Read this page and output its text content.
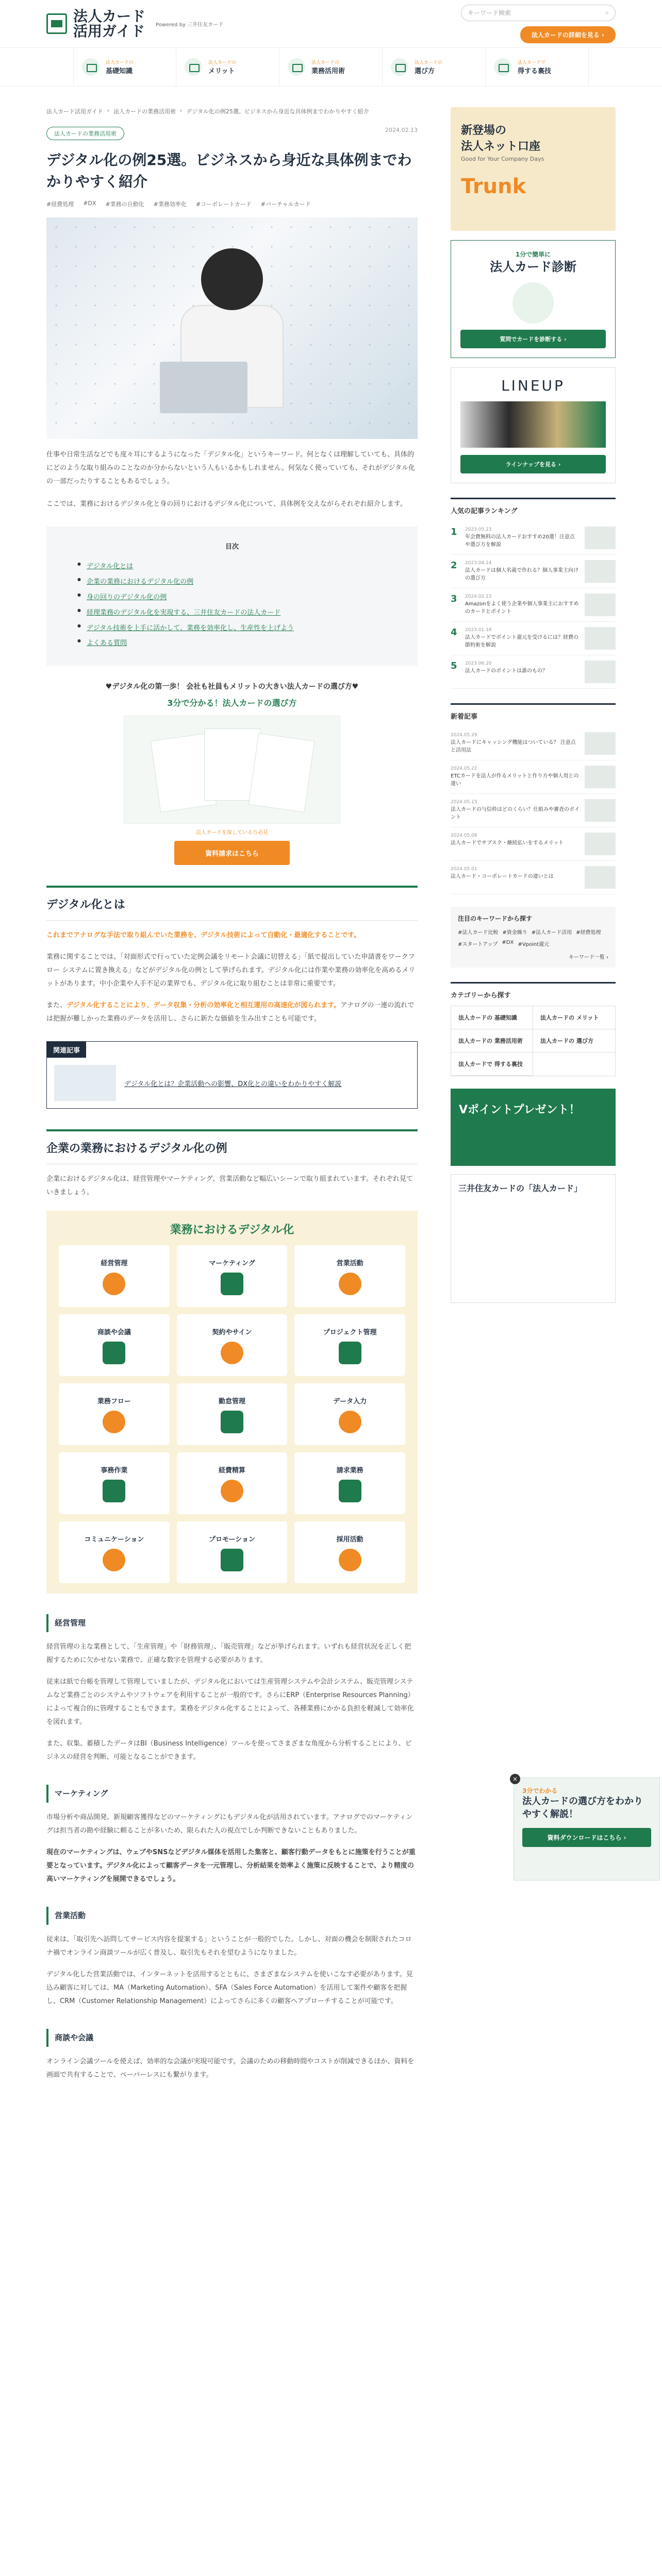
法人カード
活用ガイド Powered by 三井住友カード
キーワード検索	⌕
法人カードの詳細を見る ›
法人カードの
基礎知識
法人カードの
メリット
法人カードの
業務活用術
法人カードの
選び方
法人カードで
得する裏技
法人カード活用ガイド › 法人カードの業務活用術 › デジタル化の例25選。ビジネスから身近な具体例までわかりやすく紹介
法人カードの業務活用術
2024.02.13
デジタル化の例25選。ビジネスから身近な具体例までわかりやすく紹介
#経費処理 #DX #業務の自動化 #業務効率化 #コーポレートカード #バーチャルカード

仕事や日常生活などでも度々耳にするようになった「デジタル化」というキーワード。何となくは理解していても、具体的にどのような取り組みのことなのか分からないという人もいるかもしれません。何気なく使っていても、それがデジタル化の一部だったりすることもあるでしょう。

ここでは、業務におけるデジタル化と身の回りにおけるデジタル化について、具体例を交えながらそれぞれ紹介します。

目次
● デジタル化とは
● 企業の業務におけるデジタル化の例
● 身の回りのデジタル化の例
● 経理業務のデジタル化を実現する、三井住友カードの法人カード
● デジタル技術を上手に活かして、業務を効率化し、生産性を上げよう
● よくある質問
♥デジタル化の第一歩！ 会社も社員もメリットの大きい法人カードの選び方♥
3分で分かる！法人カードの選び方
法人カードを探している方必見
資料請求はこちら
デジタル化とは

これまでアナログな手法で取り組んでいた業務を、デジタル技術によって自動化・最適化することです。

業務に関することでは、「対面形式で行っていた定例会議をリモート会議に切替える」「紙で提出していた申請書をワークフロー システムに置き換える」などがデジタル化の例として挙げられます。デジタル化には作業や業務の効率化を高めるメリットがあります。中小企業や人手不足の業界でも、デジタル化に取り組むことは非常に重要です。

また、デジタル化することにより、データ収集・分析の効率化と相互運用の高速化が図られます。アナログの一連の流れでは把握が難しかった業務のデータを活用し、さらに新たな価値を生み出すことも可能です。

関連記事
デジタル化とは？企業活動への影響、DX化との違いをわかりやすく解説
企業の業務におけるデジタル化の例

企業におけるデジタル化は、経営管理やマーケティング、営業活動など幅広いシーンで取り組まれています。それぞれ見ていきましょう。

業務におけるデジタル化
経営管理	マーケティング	営業活動
商談や会議	契約やサイン	プロジェクト管理
業務フロー	勤怠管理	データ入力
事務作業	経費精算	請求業務
コミュニケーション	プロモーション	採用活動
経営管理

経営管理の主な業務として、「生産管理」や「財務管理」、「販売管理」などが挙げられます。いずれも経営状況を正しく把握するために欠かせない業務で、正確な数字を管理する必要があります。

従来は紙で台帳を管理して管理していましたが、デジタル化においては生産管理システムや会計システム、販売管理システムなど業務ごとのシステムやソフトウェアを利用することが一般的です。さらにERP（Enterprise Resources Planning）によって複合的に管理することもできます。業務をデジタル化することによって、各種業務にかかる負担を軽減して効率化を図れます。

また、収集、蓄積したデータはBI（Business Intelligence）ツールを使ってさまざまな角度から分析することにより、ビジネスの経営を判断、可能となることができます。

マーケティング

市場分析や商品開発、新規顧客獲得などのマーケティングにもデジタル化が活用されています。アナログでのマーケティングは担当者の勘や経験に頼ることが多いため、限られた人の視点でしか判断できないこともありました。

現在のマーケティングは、ウェブやSNSなどデジタル媒体を活用した集客と、顧客行動データをもとに施策を行うことが重要となっています。デジタル化によって顧客データを一元管理し、分析結果を効率よく施策に反映することで、より精度の高いマーケティングを展開できるでしょう。

営業活動

従来は、「取引先へ訪問してサービス内容を提案する」ということが一般的でした。しかし、対面の機会を制限されたコロナ禍でオンライン商談ツールが広く普及し、取引先もそれを望むようになりました。

デジタル化した営業活動では、インターネットを活用するとともに、さまざまなシステムを使いこなす必要があります。見込み顧客に対しては、MA（Marketing Automation）、SFA（Sales Force Automation）を活用して案件や顧客を把握し、CRM（Customer Relationship Management）によってさらに多くの顧客へアプローチすることが可能です。

商談や会議

オンライン会議ツールを使えば、効率的な会議が実現可能です。会議のための移動時間やコストが削減できるほか、資料を画面で共有することで、ペーパーレスにも繋がります。

新登場の
法人ネット口座
Good for Your Company Days
Trunk
1分で簡単に
法人カード診断
質問でカードを診断する ›
LINEUP
ラインナップを見る ›
人気の記事ランキング
1	2023.05.23
年会費無料の法人カードおすすめ20選！注意点や選び方を解説
2	2023.04.14
法人カードは個人名義で作れる？個人事業主向けの選び方
3	2024.02.13
Amazonをよく使う企業や個人事業主におすすめのカードとポイント
4	2023.01.18
法人カードでポイント還元を受けるには？経費の節約術を解説
5	2023.06.20
法人カードのポイントは誰のもの？
新着記事
2024.05.29
法人カードにキャッシング機能はついている？ 注意点と活用法
2024.05.22
ETCカードを法人が作るメリットと作り方や個人用との違い
2024.05.15
法人カードの与信枠はどのくらい？仕組みや審査のポイント
2024.05.08
法人カードでサブスク・継続払いをするメリット
2024.05.01
法人カード・コーポレートカードの違いとは
注目のキーワードから探す
#法人カード比較 #資金繰り #法人カード活用 #経費処理
#スタートアップ #DX #Vpoint還元
キーワード一覧 ›
カテゴリーから探す
法人カードの 基礎知識	法人カードの メリット
法人カードの 業務活用術	法人カードの 選び方
法人カードで 得する裏技
Vポイントプレゼント！
三井住友カードの「法人カード」
3分でわかる
法人カードの選び方をわかりやすく解説！
資料ダウンロードはこちら ›
×
